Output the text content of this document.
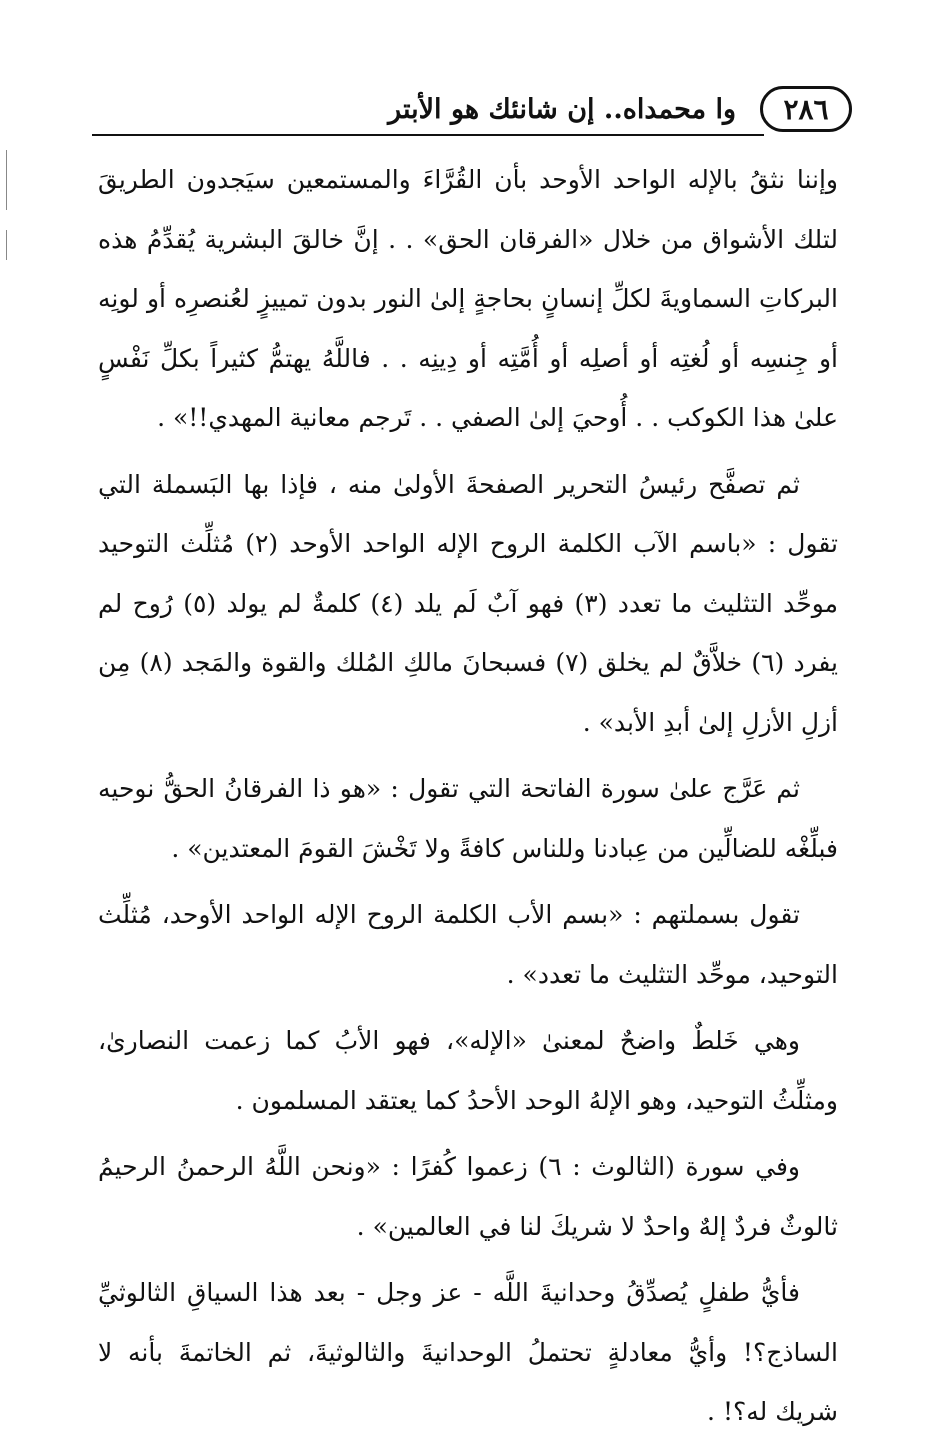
٢٨٦
وا محمداه.. إن شانئك هو الأبتر

وإننا نثقُ بالإله الواحد الأوحد بأن القُرَّاءَ والمستمعين سيَجدون الطريقَ لتلك الأشواق من خلال «الفرقان الحق» . . إنَّ خالقَ البشرية يُقدِّمُ هذه البركاتِ السماويةَ لكلِّ إنسانٍ بحاجةٍ إلىٰ النور بدون تمييزٍ لعُنصرِه أو لونِه أو جِنسِه أو لُغتِه أو أصلِه أو أُمَّتِه أو دِينِه . . فاللَّهُ يهتمُّ كثيراً بكلِّ نَفْسٍ علىٰ هذا الكوكب . . أُوحيَ إلىٰ الصفي . . تَرجم معانية المهدي!!» .

ثم تصفَّح رئيسُ التحرير الصفحةَ الأولىٰ منه ، فإذا بها البَسملة التي تقول : «باسم الآب الكلمة الروح الإله الواحد الأوحد (٢) مُثلِّث التوحيد موحِّد التثليث ما تعدد (٣) فهو آبٌ لَم يلد (٤) كلمةٌ لم يولد (٥) رُوح لم يفرد (٦) خلاَّقٌ لم يخلق (٧) فسبحانَ مالكِ المُلك والقوة والمَجد (٨) مِن أزلِ الأزلِ إلىٰ أبدِ الأبد» .

ثم عَرَّج علىٰ سورة الفاتحة التي تقول : «هو ذا الفرقانُ الحقُّ نوحيه فبلِّغْه للضالِّين من عِبادنا وللناس كافةً ولا تَخْشَ القومَ المعتدين» .

تقول بسملتهم : «بسم الأب الكلمة الروح الإله الواحد الأوحد، مُثلِّث التوحيد، موحِّد التثليث ما تعدد» .

وهي خَلطٌ واضحٌ لمعنىٰ «الإله»، فهو الأبُ كما زعمت النصارىٰ، ومثلِّثُ التوحيد، وهو الإلهُ الوحد الأحدُ كما يعتقد المسلمون .

وفي سورة (الثالوث : ٦) زعموا كُفرًا : «ونحن اللَّهُ الرحمنُ الرحيمُ ثالوثٌ فردٌ إلهٌ واحدٌ لا شريكَ لنا في العالمين» .

فأيُّ طفلٍ يُصدِّقُ وحدانيةَ اللَّه - عز وجل - بعد هذا السياقِ الثالوثيِّ الساذج؟! وأيُّ معادلةٍ تحتملُ الوحدانيةَ والثالوثيةَ، ثم الخاتمةَ بأنه لا شريك له؟! .
